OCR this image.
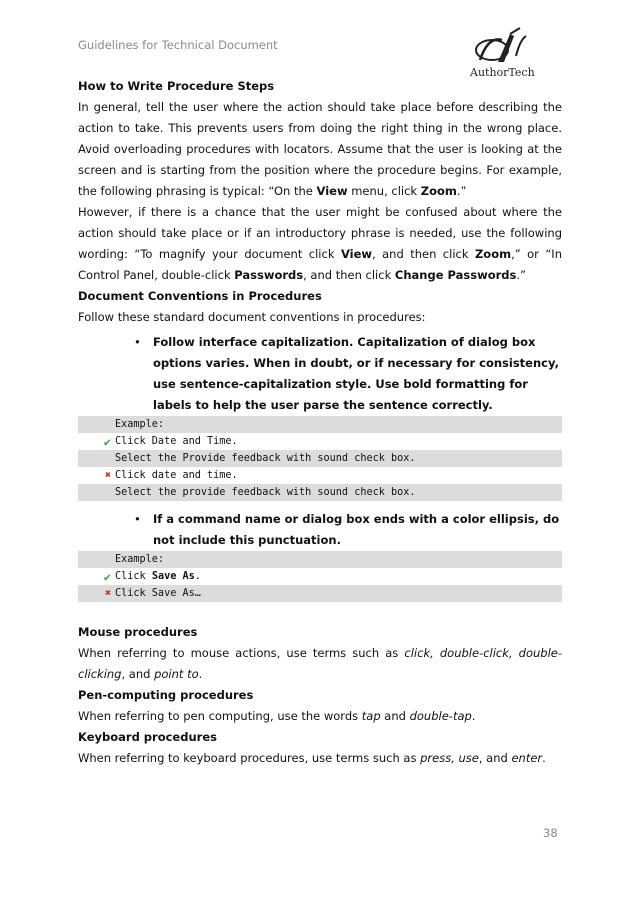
Guidelines for Technical Document
AuthorTech
How to Write Procedure Steps
In general, tell the user where the action should take place before describing the action to take. This prevents users from doing the right thing in the wrong place. Avoid overloading procedures with locators. Assume that the user is looking at the screen and is starting from the position where the procedure begins. For example, the following phrasing is typical: “On the View menu, click Zoom.”
However, if there is a chance that the user might be confused about where the action should take place or if an introductory phrase is needed, use the following wording: “To magnify your document click View, and then click Zoom,” or “In Control Panel, double-click Passwords, and then click Change Passwords.”
Document Conventions in Procedures
Follow these standard document conventions in procedures:
• Follow interface capitalization. Capitalization of dialog box options varies. When in doubt, or if necessary for consistency, use sentence-capitalization style. Use bold formatting for labels to help the user parse the sentence correctly.
	Example:
✔	Click Date and Time.
	Select the Provide feedback with sound check box.
✖	Click date and time.
	Select the provide feedback with sound check box.
• If a command name or dialog box ends with a color ellipsis, do not include this punctuation.
	Example:
✔	Click Save As.
✖	Click Save As…
Mouse procedures
When referring to mouse actions, use terms such as click, double-click, double-clicking, and point to.
Pen-computing procedures
When referring to pen computing, use the words tap and double-tap.
Keyboard procedures
When referring to keyboard procedures, use terms such as press, use, and enter.
38
